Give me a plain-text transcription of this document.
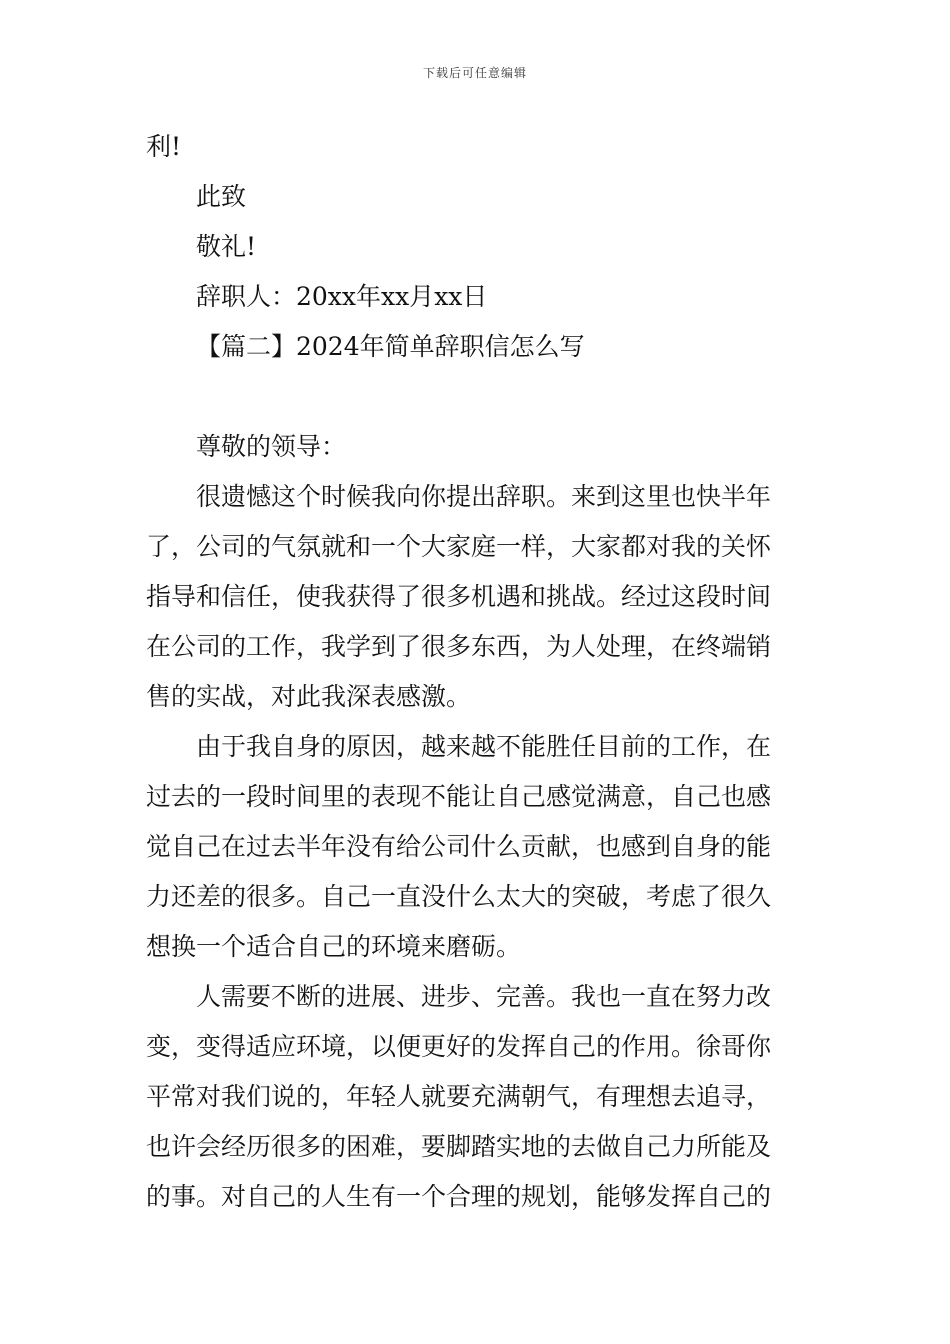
下载后可任意编辑
利!
此致
敬礼!
辞职人：20xx年xx月xx日
【篇二】2024年简单辞职信怎么写
尊敬的领导：
很遗憾这个时候我向你提出辞职。来到这里也快半年
了，公司的气氛就和一个大家庭一样，大家都对我的关怀
指导和信任，使我获得了很多机遇和挑战。经过这段时间
在公司的工作，我学到了很多东西，为人处理，在终端销
售的实战，对此我深表感激。
由于我自身的原因，越来越不能胜任目前的工作，在
过去的一段时间里的表现不能让自己感觉满意，自己也感
觉自己在过去半年没有给公司什么贡献，也感到自身的能
力还差的很多。自己一直没什么太大的突破，考虑了很久
想换一个适合自己的环境来磨砺。
人需要不断的进展、进步、完善。我也一直在努力改
变，变得适应环境，以便更好的发挥自己的作用。徐哥你
平常对我们说的，年轻人就要充满朝气，有理想去追寻，
也许会经历很多的困难，要脚踏实地的去做自己力所能及
的事。对自己的人生有一个合理的规划，能够发挥自己的
